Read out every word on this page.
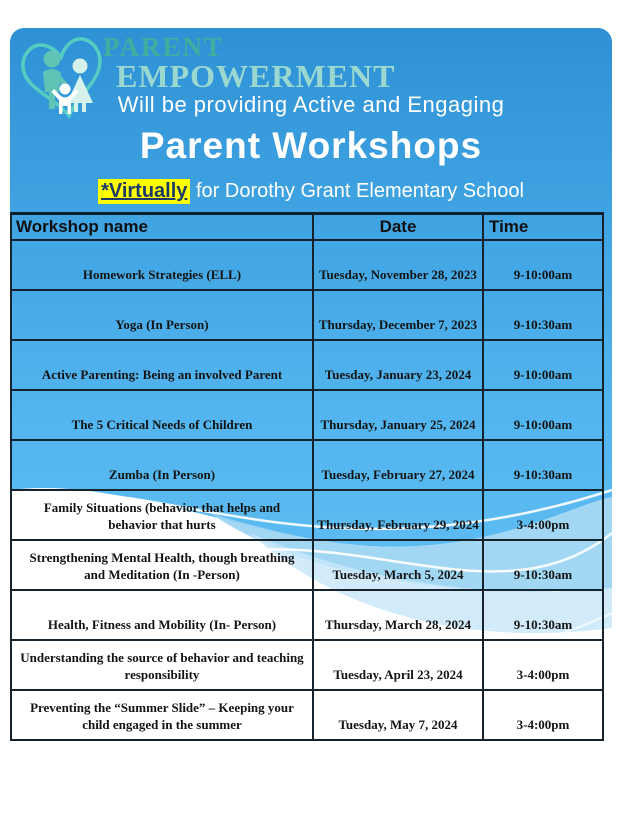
PARENT
EMPOWERMENT
Will be providing Active and Engaging
Parent Workshops
*Virtually for Dorothy Grant Elementary School
Workshop name	Date	Time
Homework Strategies (ELL)	Tuesday, November 28, 2023	9-10:00am
Yoga (In Person)	Thursday, December 7, 2023	9-10:30am
Active Parenting: Being an involved Parent	Tuesday, January 23, 2024	9-10:00am
The 5 Critical Needs of Children	Thursday, January 25, 2024	9-10:00am
Zumba (In Person)	Tuesday, February 27, 2024	9-10:30am
Family Situations (behavior that helps and behavior that hurts	Thursday, February 29, 2024	3-4:00pm
Strengthening Mental Health, though breathing and Meditation (In -Person)	Tuesday, March 5, 2024	9-10:30am
Health, Fitness and Mobility (In- Person)	Thursday, March 28, 2024	9-10:30am
Understanding the source of behavior and teaching responsibility	Tuesday, April 23, 2024	3-4:00pm
Preventing the “Summer Slide” – Keeping your child engaged in the summer	Tuesday, May 7, 2024	3-4:00pm
